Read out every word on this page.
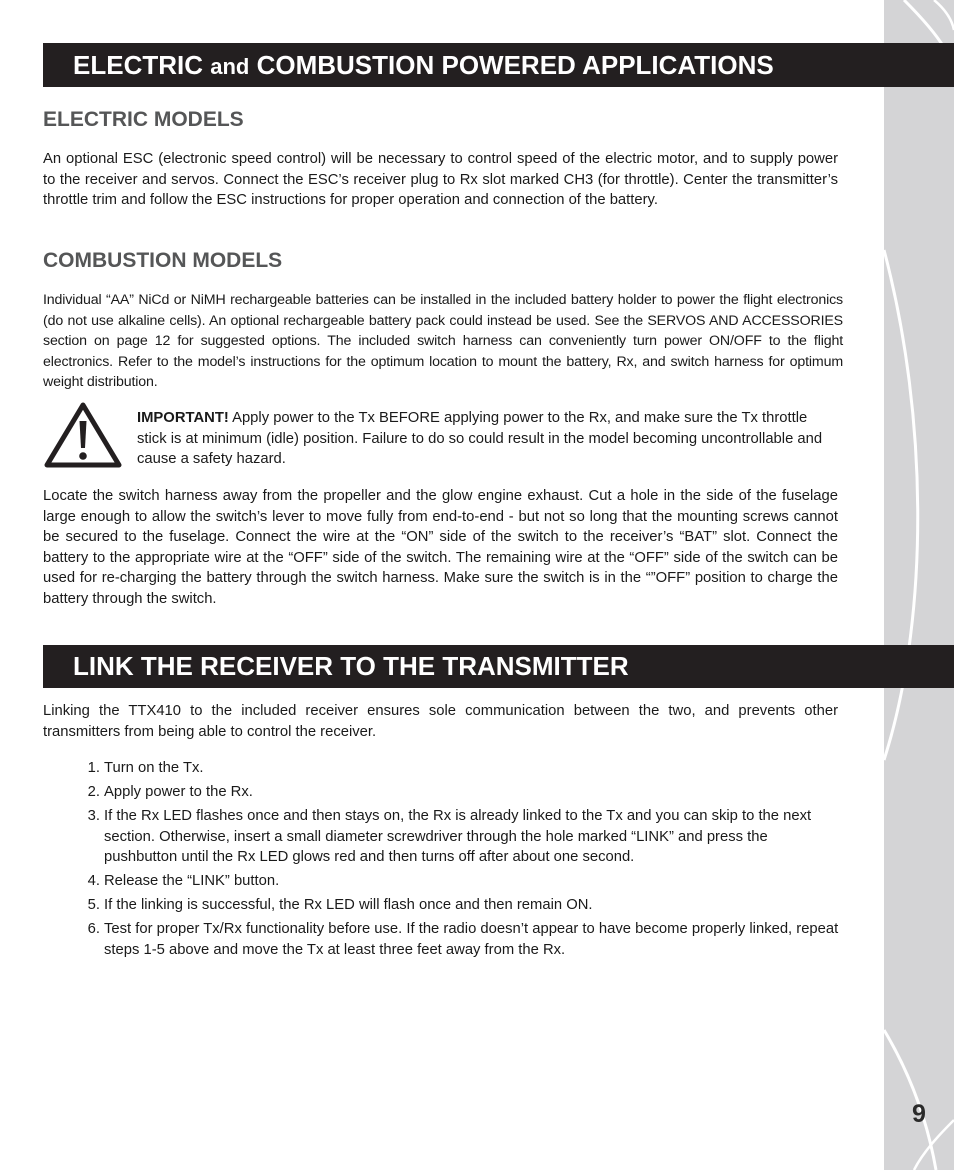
9
ELECTRIC and COMBUSTION POWERED APPLICATIONS
ELECTRIC MODELS
An optional ESC (electronic speed control) will be necessary to control speed of the electric motor, and to supply power to the receiver and servos. Connect the ESC’s receiver plug to Rx slot marked CH3 (for throttle). Center the transmitter’s throttle trim and follow the ESC instructions for proper operation and connection of the battery.
COMBUSTION MODELS
Individual “AA” NiCd or NiMH rechargeable batteries can be installed in the included battery holder to power the flight electronics (do not use alkaline cells). An optional rechargeable battery pack could instead be used. See the SERVOS AND ACCESSORIES section on page 12 for suggested options. The included switch harness can conveniently turn power ON/OFF to the flight electronics. Refer to the model’s instructions for the optimum location to mount the battery, Rx, and switch harness for optimum weight distribution.
IMPORTANT! Apply power to the Tx BEFORE applying power to the Rx, and make sure the Tx throttle stick is at minimum (idle) position. Failure to do so could result in the model becoming uncontrollable and cause a safety hazard.
Locate the switch harness away from the propeller and the glow engine exhaust. Cut a hole in the side of the fuselage large enough to allow the switch’s lever to move fully from end-to-end - but not so long that the mounting screws cannot be secured to the fuselage. Connect the wire at the “ON” side of the switch to the receiver’s “BAT” slot. Connect the battery to the appropriate wire at the “OFF” side of the switch. The remaining wire at the “OFF” side of the switch can be used for re-charging the battery through the switch harness. Make sure the switch is in the “”OFF” position to charge the battery through the switch.
LINK THE RECEIVER TO THE TRANSMITTER
Linking the TTX410 to the included receiver ensures sole communication between the two, and prevents other transmitters from being able to control the receiver.
1. Turn on the Tx.
2. Apply power to the Rx.
3. If the Rx LED flashes once and then stays on, the Rx is already linked to the Tx and you can skip to the next section. Otherwise, insert a small diameter screwdriver through the hole marked “LINK” and press the pushbutton until the Rx LED glows red and then turns off after about one second.
4. Release the “LINK” button.
5. If the linking is successful, the Rx LED will flash once and then remain ON.
6. Test for proper Tx/Rx functionality before use. If the radio doesn’t appear to have become properly linked, repeat steps 1-5 above and move the Tx at least three feet away from the Rx.
